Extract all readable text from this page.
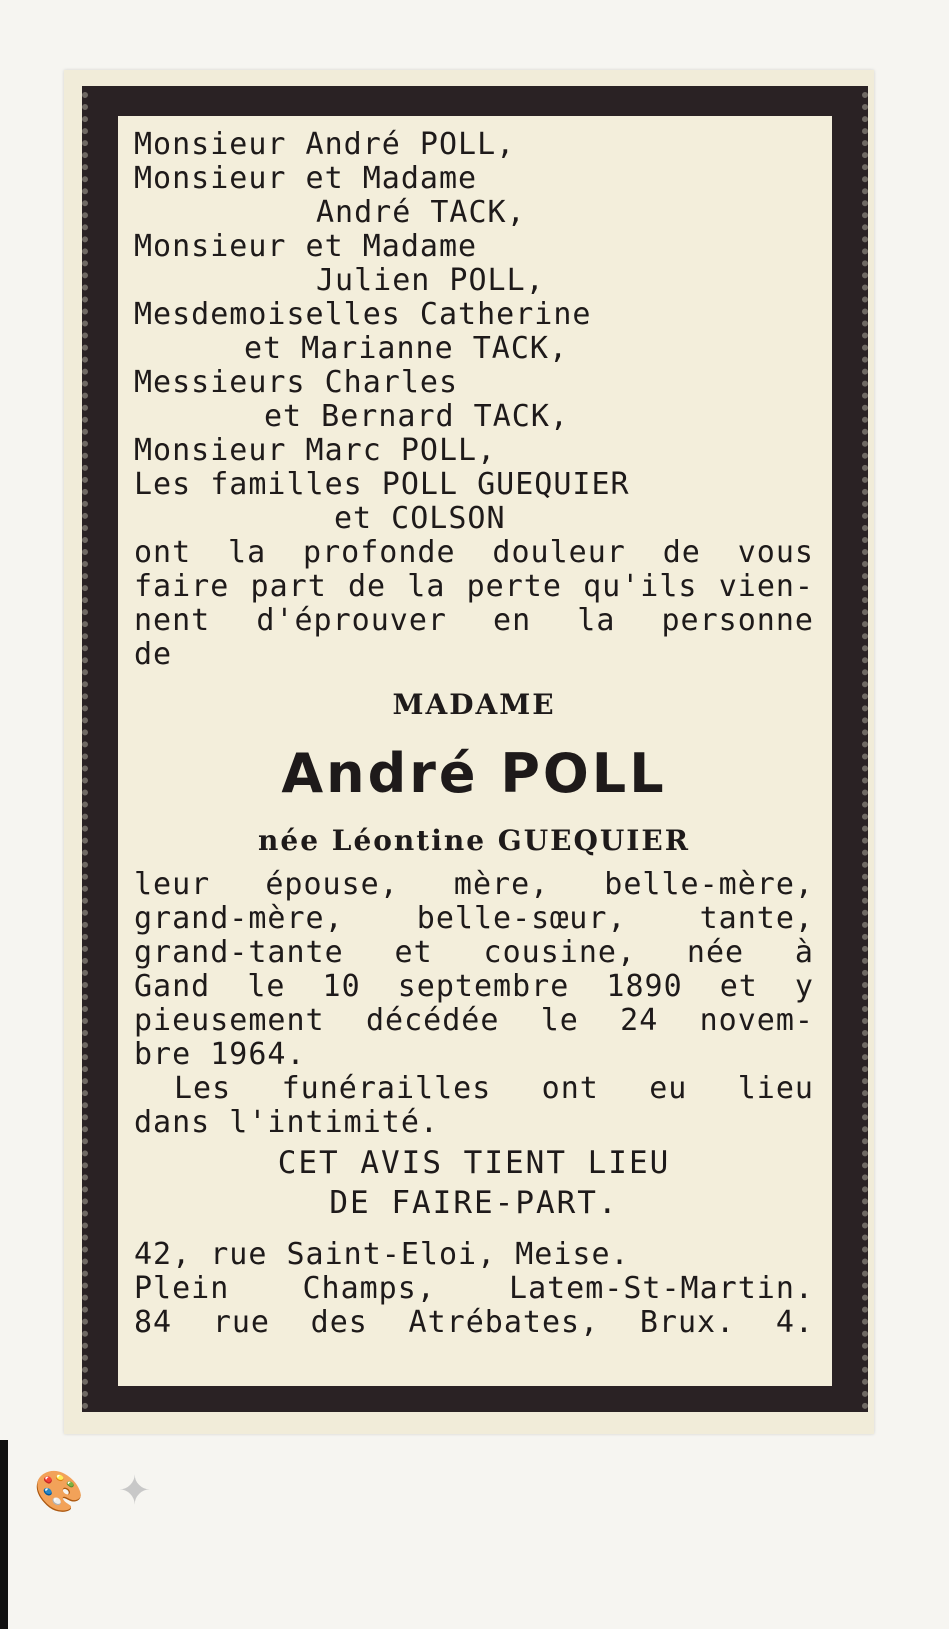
Monsieur André POLL,
Monsieur et Madame
André TACK,
Monsieur et Madame
Julien POLL,
Mesdemoiselles Catherine
et Marianne TACK,
Messieurs Charles
et Bernard TACK,
Monsieur Marc POLL,
Les familles POLL GUEQUIER
et COLSON
ont la profonde douleur de vous
faire part de la perte qu'ils vien-
nent d'éprouver en la personne
de
MADAME
André POLL
née Léontine GUEQUIER
leur épouse, mère, belle-mère,
grand-mère, belle-sœur, tante,
grand-tante et cousine, née à
Gand le 10 septembre 1890 et y
pieusement décédée le 24 novem-
bre 1964.
Les funérailles ont eu lieu
dans l'intimité.
CET AVIS TIENT LIEU
DE FAIRE-PART.
42, rue Saint-Eloi, Meise.
Plein Champs, Latem-St-Martin.
84 rue des Atrébates, Brux. 4.
🎨 ✦
